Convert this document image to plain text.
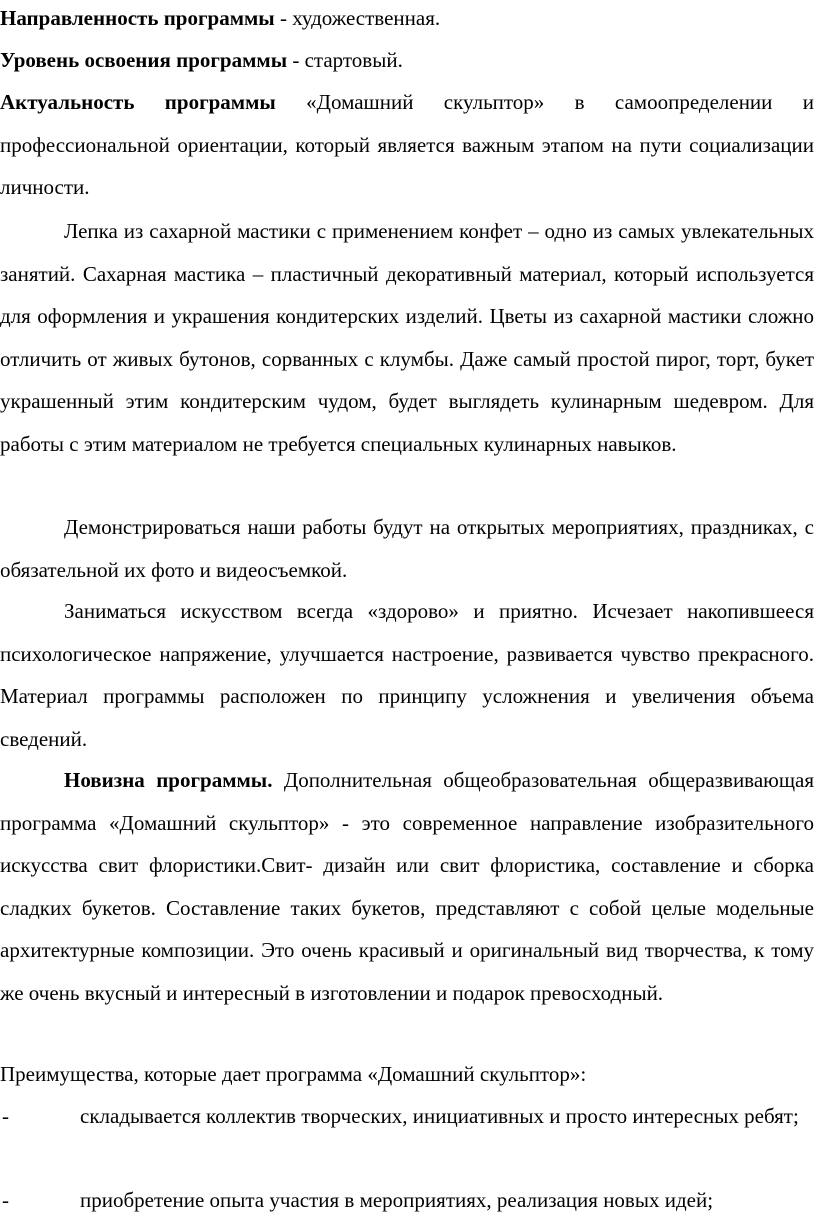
Направленность программы - художественная.

Уровень освоения программы - стартовый.

Актуальность программы «Домашний скульптор» в самоопределении и профессиональной ориентации, который является важным этапом на пути социализации личности.

Лепка из сахарной мастики с применением конфет – одно из самых увлекательных занятий. Сахарная мастика – пластичный декоративный материал, который используется для оформления и украшения кондитерских изделий. Цветы из сахарной мастики сложно отличить от живых бутонов, сорванных с клумбы. Даже самый простой пирог, торт, букет украшенный этим кондитерским чудом, будет выглядеть кулинарным шедевром. Для работы с этим материалом не требуется специальных кулинарных навыков.

Демонстрироваться наши работы будут на открытых мероприятиях, праздниках, с обязательной их фото и видеосъемкой.

Заниматься искусством всегда «здорово» и приятно. Исчезает накопившееся психологическое напряжение, улучшается настроение, развивается чувство прекрасного. Материал программы расположен по принципу усложнения и увеличения объема сведений.

Новизна программы. Дополнительная общеобразовательная общеразвивающая программа «Домашний скульптор» - это современное направление изобразительного искусства свит флористики.Свит- дизайн или свит флористика, составление и сборка сладких букетов. Составление таких букетов, представляют с собой целые модельные архитектурные композиции. Это очень красивый и оригинальный вид творчества, к тому же очень вкусный и интересный в изготовлении и подарок превосходный.

Преимущества, которые дает программа «Домашний скульптор»:

-	складывается коллектив творческих, инициативных и просто интересных ребят;
-	приобретение опыта участия в мероприятиях, реализация новых идей;
